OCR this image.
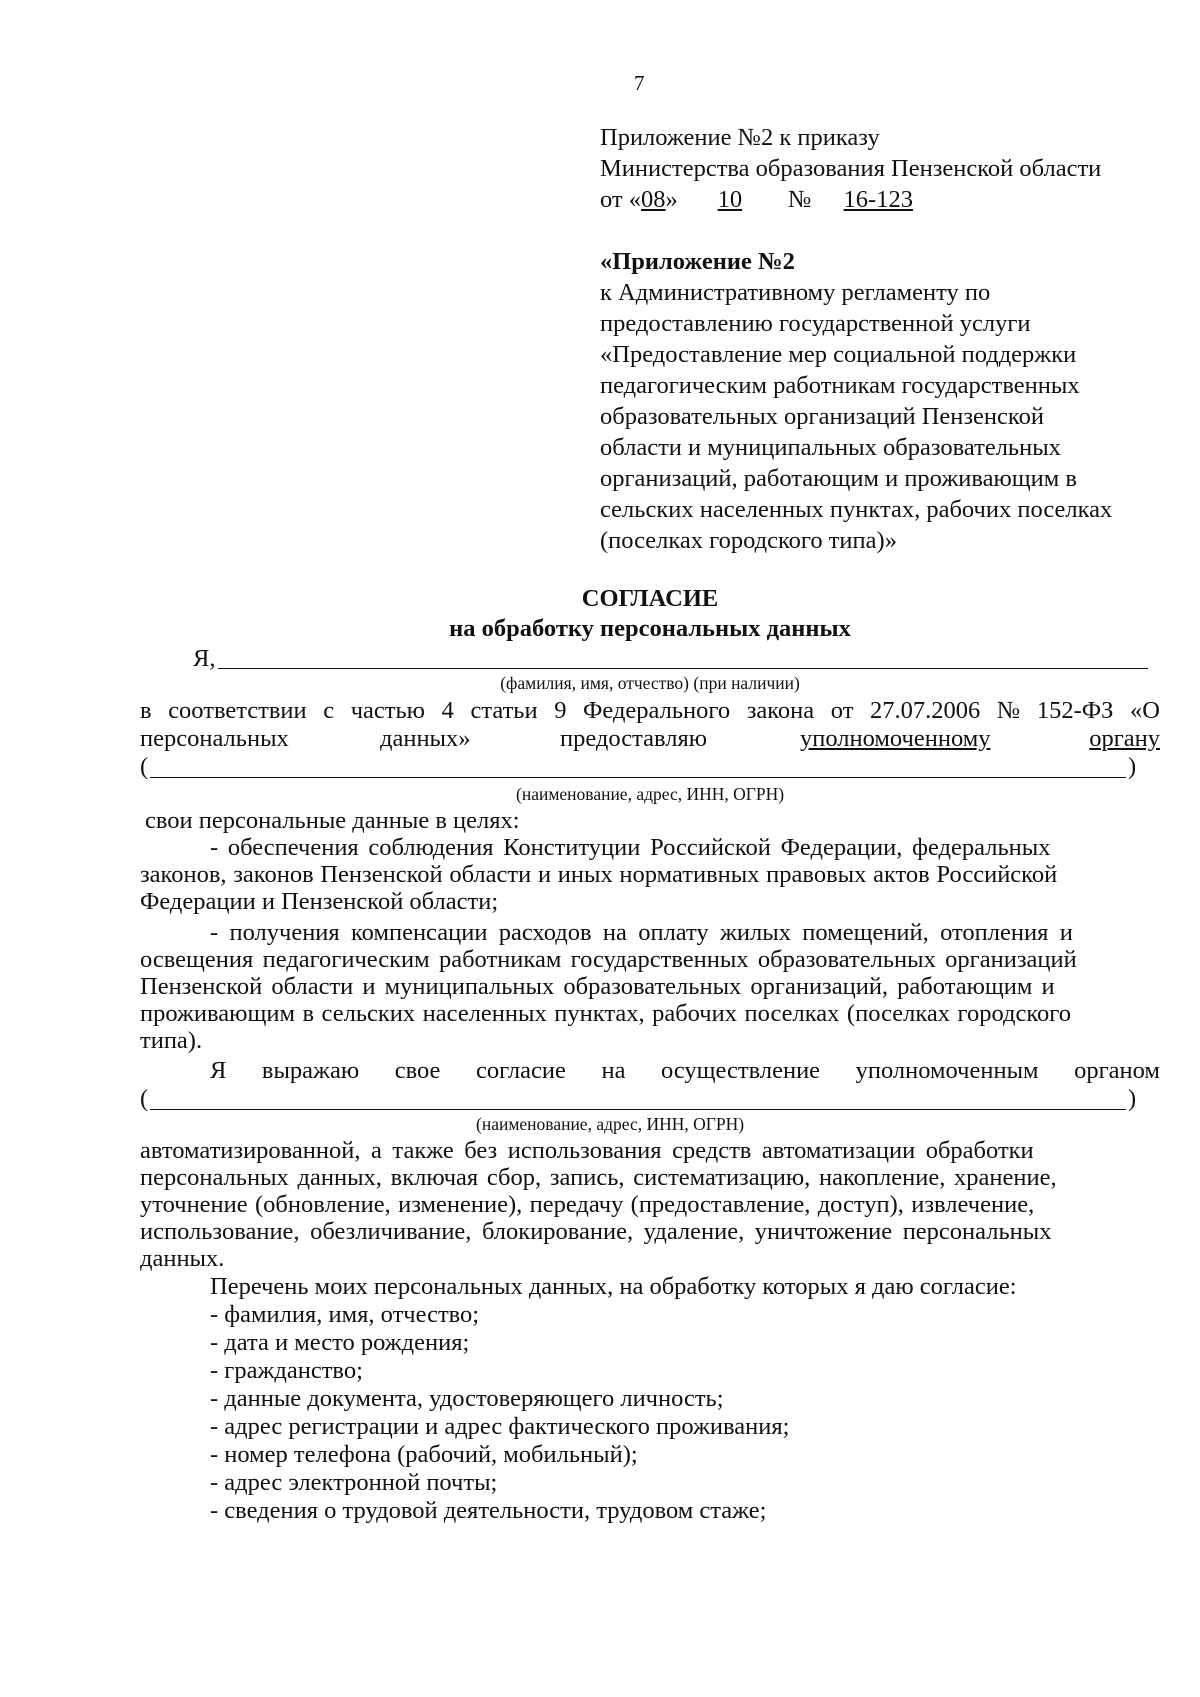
7
Приложение №2 к приказу
Министерства образования Пензенской области
от «08» 10 № 16-123
«Приложение №2
к Административному регламенту по
предоставлению государственной услуги
«Предоставление мер социальной поддержки
педагогическим работникам государственных
образовательных организаций Пензенской
области и муниципальных образовательных
организаций, работающим и проживающим в
сельских населенных пунктах, рабочих поселках
(поселках городского типа)»
СОГЛАСИЕ
на обработку персональных данных
Я,
(фамилия, имя, отчество) (при наличии)
в соответствии с частью 4 статьи 9 Федерального закона от 27.07.2006 № 152-ФЗ «О
персональных	данных»	предоставляю	уполномоченному	органу
(	)
(наименование, адрес, ИНН, ОГРН)
свои персональные данные в целях:
- обеспечения соблюдения Конституции Российской Федерации, федеральных
законов, законов Пензенской области и иных нормативных правовых актов Российской
Федерации и Пензенской области;
- получения компенсации расходов на оплату жилых помещений, отопления и
освещения педагогическим работникам государственных образовательных организаций
Пензенской области и муниципальных образовательных организаций, работающим и
проживающим в сельских населенных пунктах, рабочих поселках (поселках городского
типа).
Я выражаю свое согласие на осуществление уполномоченным органом
(	)
(наименование, адрес, ИНН, ОГРН)
автоматизированной, а также без использования средств автоматизации обработки
персональных данных, включая сбор, запись, систематизацию, накопление, хранение,
уточнение (обновление, изменение), передачу (предоставление, доступ), извлечение,
использование, обезличивание, блокирование, удаление, уничтожение персональных
данных.
Перечень моих персональных данных, на обработку которых я даю согласие:
- фамилия, имя, отчество;
- дата и место рождения;
- гражданство;
- данные документа, удостоверяющего личность;
- адрес регистрации и адрес фактического проживания;
- номер телефона (рабочий, мобильный);
- адрес электронной почты;
- сведения о трудовой деятельности, трудовом стаже;
